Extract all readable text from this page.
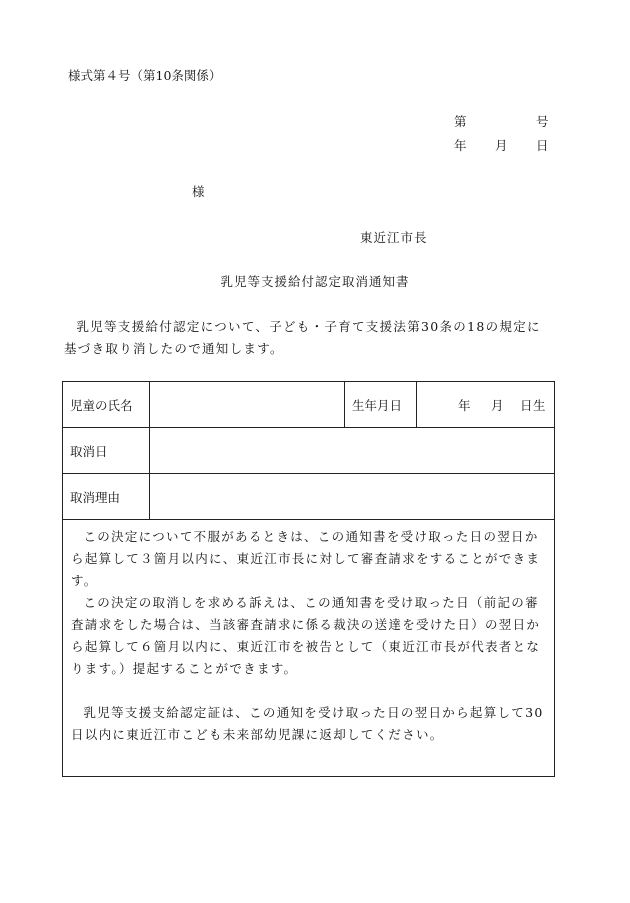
様式第４号（第10条関係）
第	号
年 月 日
様
東近江市長
乳児等支援給付認定取消通知書

乳児等支援給付認定について、子ども・子育て支援法第30条の18の規定に基づき取り消したので通知します。

児童の氏名		生年月日	年 月 日生
取消日			
取消理由			

この決定について不服があるときは、この通知書を受け取った日の翌日から起算して３箇月以内に、東近江市長に対して審査請求をすることができます。

この決定の取消しを求める訴えは、この通知書を受け取った日（前記の審査請求をした場合は、当該審査請求に係る裁決の送達を受けた日）の翌日から起算して６箇月以内に、東近江市を被告として（東近江市長が代表者となります。）提起することができます。

乳児等支援支給認定証は、この通知を受け取った日の翌日から起算して30日以内に東近江市こども未来部幼児課に返却してください。			
